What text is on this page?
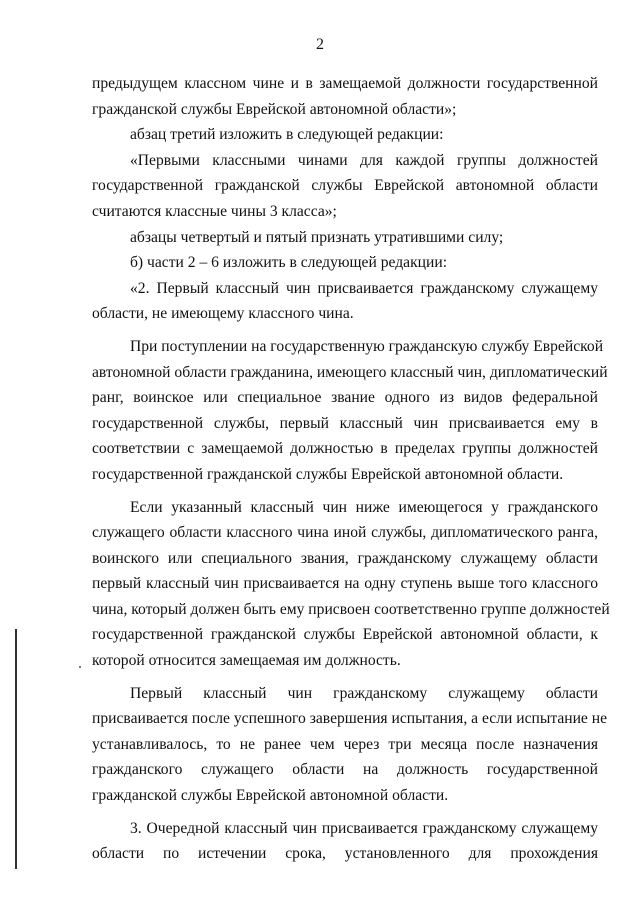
2
предыдущем классном чине и в замещаемой должности государственной
гражданской службы Еврейской автономной области»;
абзац третий изложить в следующей редакции:
«Первыми классными чинами для каждой группы должностей
государственной гражданской службы Еврейской автономной области
считаются классные чины 3 класса»;
абзацы четвертый и пятый признать утратившими силу;
б) части 2 – 6 изложить в следующей редакции:
«2. Первый классный чин присваивается гражданскому служащему
области, не имеющему классного чина.
При поступлении на государственную гражданскую службу Еврейской
автономной области гражданина, имеющего классный чин, дипломатический
ранг, воинское или специальное звание одного из видов федеральной
государственной службы, первый классный чин присваивается ему в
соответствии с замещаемой должностью в пределах группы должностей
государственной гражданской службы Еврейской автономной области.
Если указанный классный чин ниже имеющегося у гражданского
служащего области классного чина иной службы, дипломатического ранга,
воинского или специального звания, гражданскому служащему области
первый классный чин присваивается на одну ступень выше того классного
чина, который должен быть ему присвоен соответственно группе должностей
государственной гражданской службы Еврейской автономной области, к
которой относится замещаемая им должность.
Первый классный чин гражданскому служащему области
присваивается после успешного завершения испытания, а если испытание не
устанавливалось, то не ранее чем через три месяца после назначения
гражданского служащего области на должность государственной
гражданской службы Еврейской автономной области.
3. Очередной классный чин присваивается гражданскому служащему
области по истечении срока, установленного для прохождения
